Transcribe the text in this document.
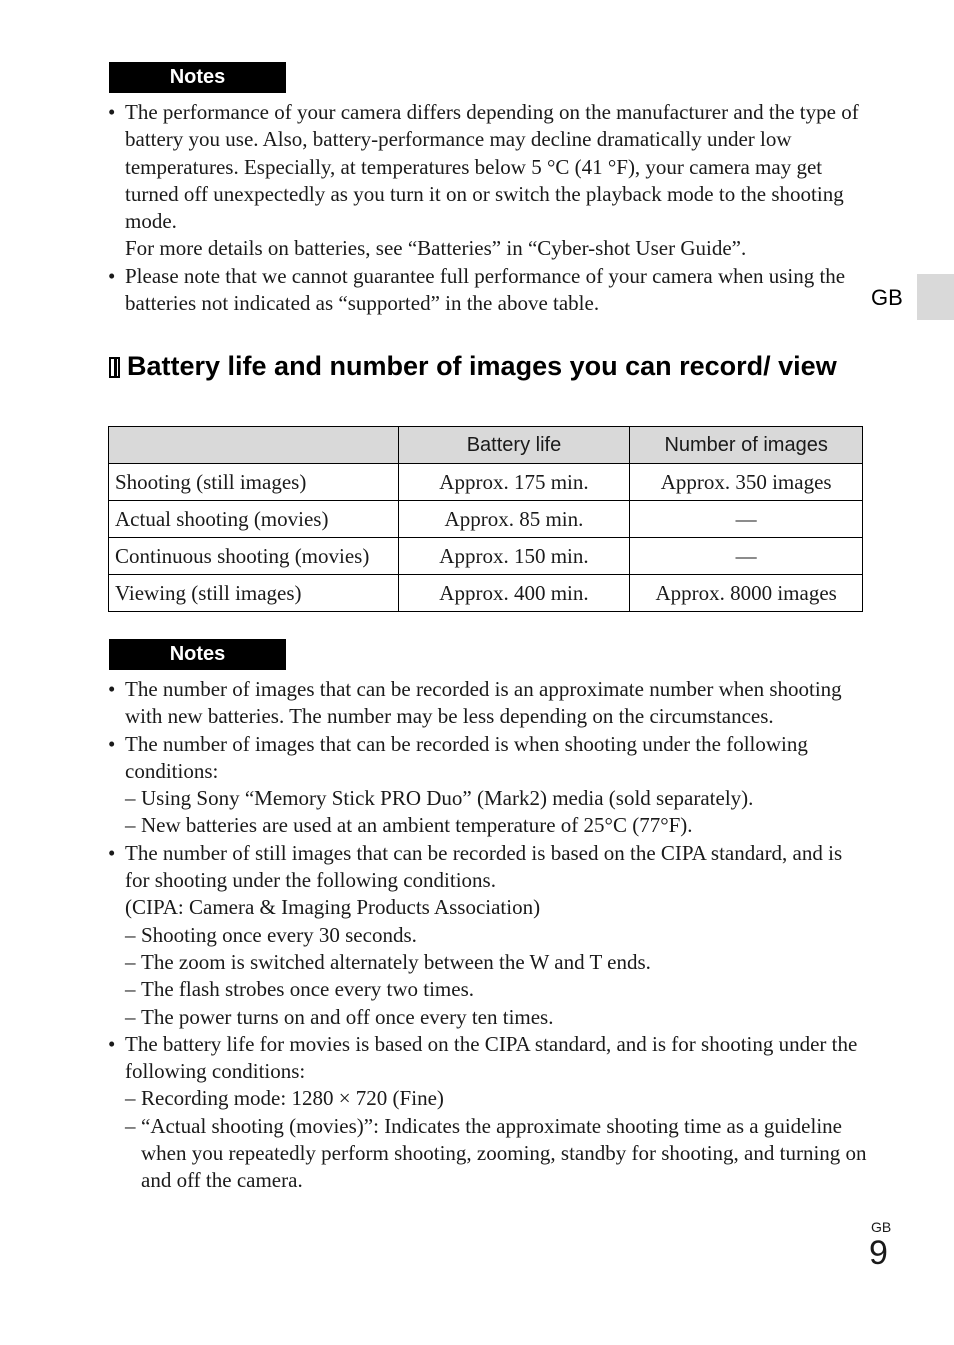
Notes
• The performance of your camera differs depending on the manufacturer and the type of battery you use. Also, battery-performance may decline dramatically under low temperatures. Especially, at temperatures below 5 °C (41 °F), your camera may get turned off unexpectedly as you turn it on or switch the playback mode to the shooting mode.
For more details on batteries, see “Batteries” in “Cyber-shot User Guide”.
• Please note that we cannot guarantee full performance of your camera when using the batteries not indicated as “supported” in the above table.	GB
Battery life and number of images you can record/ view
	Battery life	Number of images
Shooting (still images)	Approx. 175 min.	Approx. 350 images
Actual shooting (movies)	Approx. 85 min.	—
Continuous shooting (movies)	Approx. 150 min.	—
Viewing (still images)	Approx. 400 min.	Approx. 8000 images
Notes
• The number of images that can be recorded is an approximate number when shooting with new batteries. The number may be less depending on the circumstances.
• The number of images that can be recorded is when shooting under the following conditions:
– Using Sony “Memory Stick PRO Duo” (Mark2) media (sold separately).
– New batteries are used at an ambient temperature of 25°C (77°F).
• The number of still images that can be recorded is based on the CIPA standard, and is for shooting under the following conditions.
(CIPA: Camera & Imaging Products Association)
– Shooting once every 30 seconds.
– The zoom is switched alternately between the W and T ends.
– The flash strobes once every two times.
– The power turns on and off once every ten times.
• The battery life for movies is based on the CIPA standard, and is for shooting under the following conditions:
– Recording mode: 1280 × 720 (Fine)
– “Actual shooting (movies)”: Indicates the approximate shooting time as a guideline when you repeatedly perform shooting, zooming, standby for shooting, and turning on and off the camera.
GB
9
